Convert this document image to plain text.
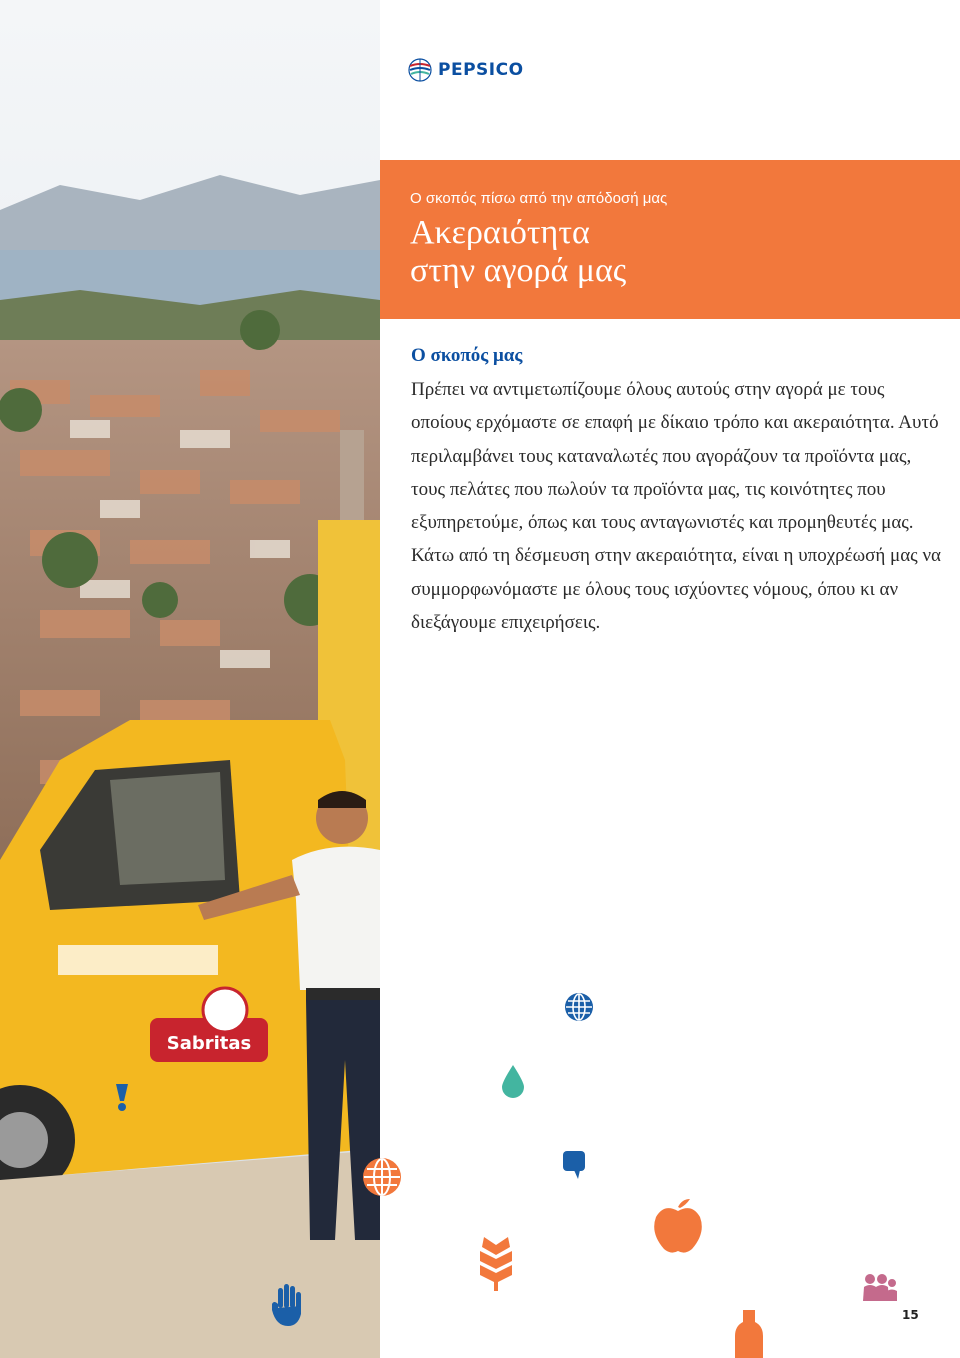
Sabritas
PEPSICO
Ο σκοπός πίσω από την απόδοσή μας
Ακεραιότητα
στην αγορά μας
Ο σκοπός μας

Πρέπει να αντιμετωπίζουμε όλους αυτούς στην αγορά με τους οποίους ερχόμαστε σε επαφή με δίκαιο τρόπο και ακεραιότητα. Αυτό περιλαμβάνει τους καταναλωτές που αγοράζουν τα προϊόντα μας, τους πελάτες που πωλούν τα προϊόντα μας, τις κοινότητες που εξυπηρετούμε, όπως και τους ανταγωνιστές και προμηθευτές μας. Κάτω από τη δέσμευση στην ακεραιότητα, είναι η υποχρέωσή μας να συμμορφωνόμαστε με όλους τους ισχύοντες νόμους, όπου κι αν διεξάγουμε επιχειρήσεις.

15
